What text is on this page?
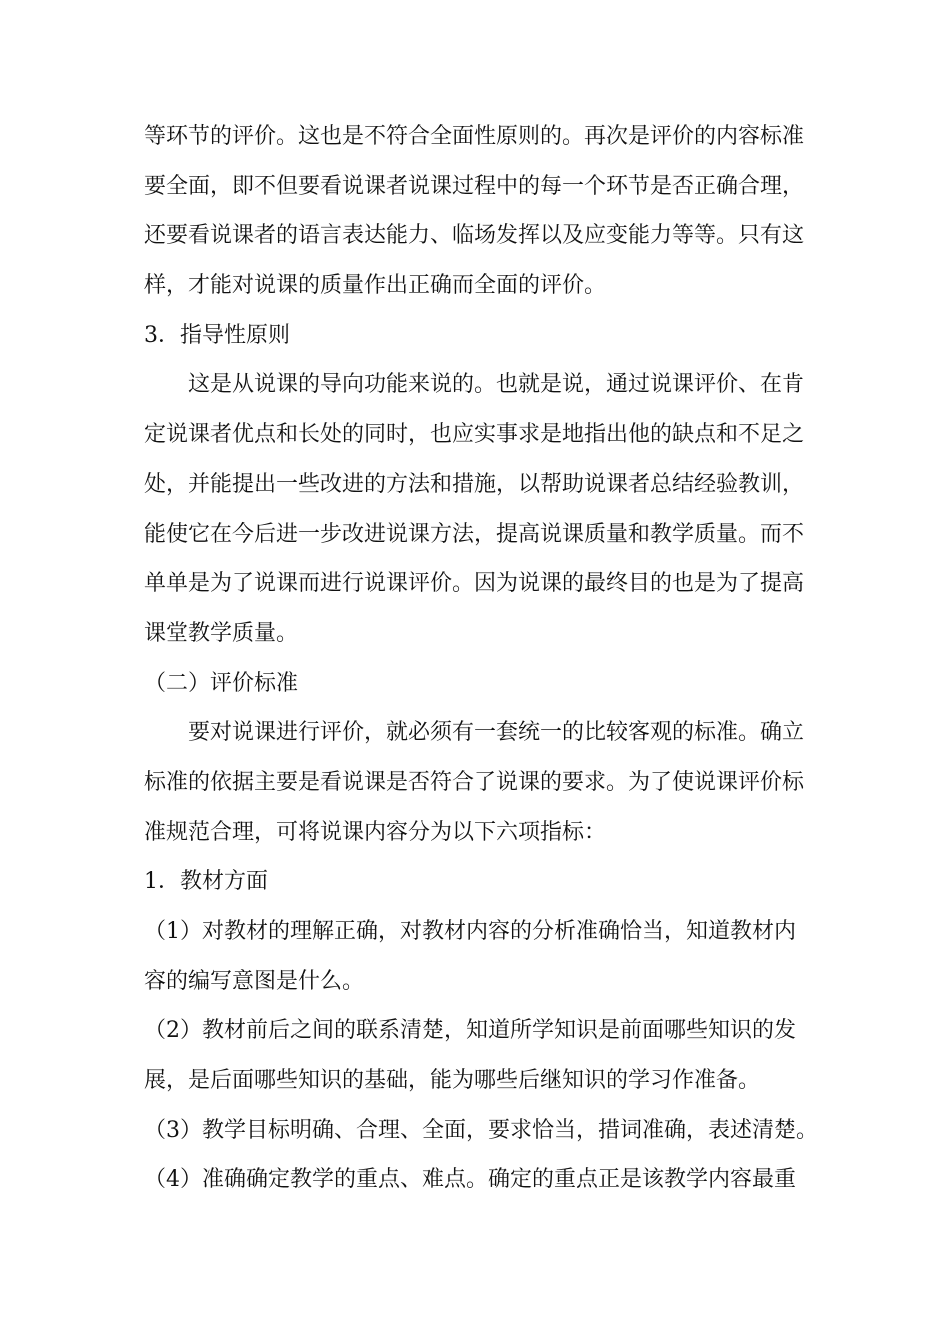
等环节的评价。这也是不符合全面性原则的。再次是评价的内容标准
要全面，即不但要看说课者说课过程中的每一个环节是否正确合理，
还要看说课者的语言表达能力、临场发挥以及应变能力等等。只有这
样，才能对说课的质量作出正确而全面的评价。
3．指导性原则
这是从说课的导向功能来说的。也就是说，通过说课评价、在肯
定说课者优点和长处的同时，也应实事求是地指出他的缺点和不足之
处，并能提出一些改进的方法和措施，以帮助说课者总结经验教训，
能使它在今后进一步改进说课方法，提高说课质量和教学质量。而不
单单是为了说课而进行说课评价。因为说课的最终目的也是为了提高
课堂教学质量。
（二）评价标准
要对说课进行评价，就必须有一套统一的比较客观的标准。确立
标准的依据主要是看说课是否符合了说课的要求。为了使说课评价标
准规范合理，可将说课内容分为以下六项指标：
1．教材方面
（1）对教材的理解正确，对教材内容的分析准确恰当，知道教材内
容的编写意图是什么。
（2）教材前后之间的联系清楚，知道所学知识是前面哪些知识的发
展，是后面哪些知识的基础，能为哪些后继知识的学习作准备。
（3）教学目标明确、合理、全面，要求恰当，措词准确，表述清楚。
（4）准确确定教学的重点、难点。确定的重点正是该教学内容最重
